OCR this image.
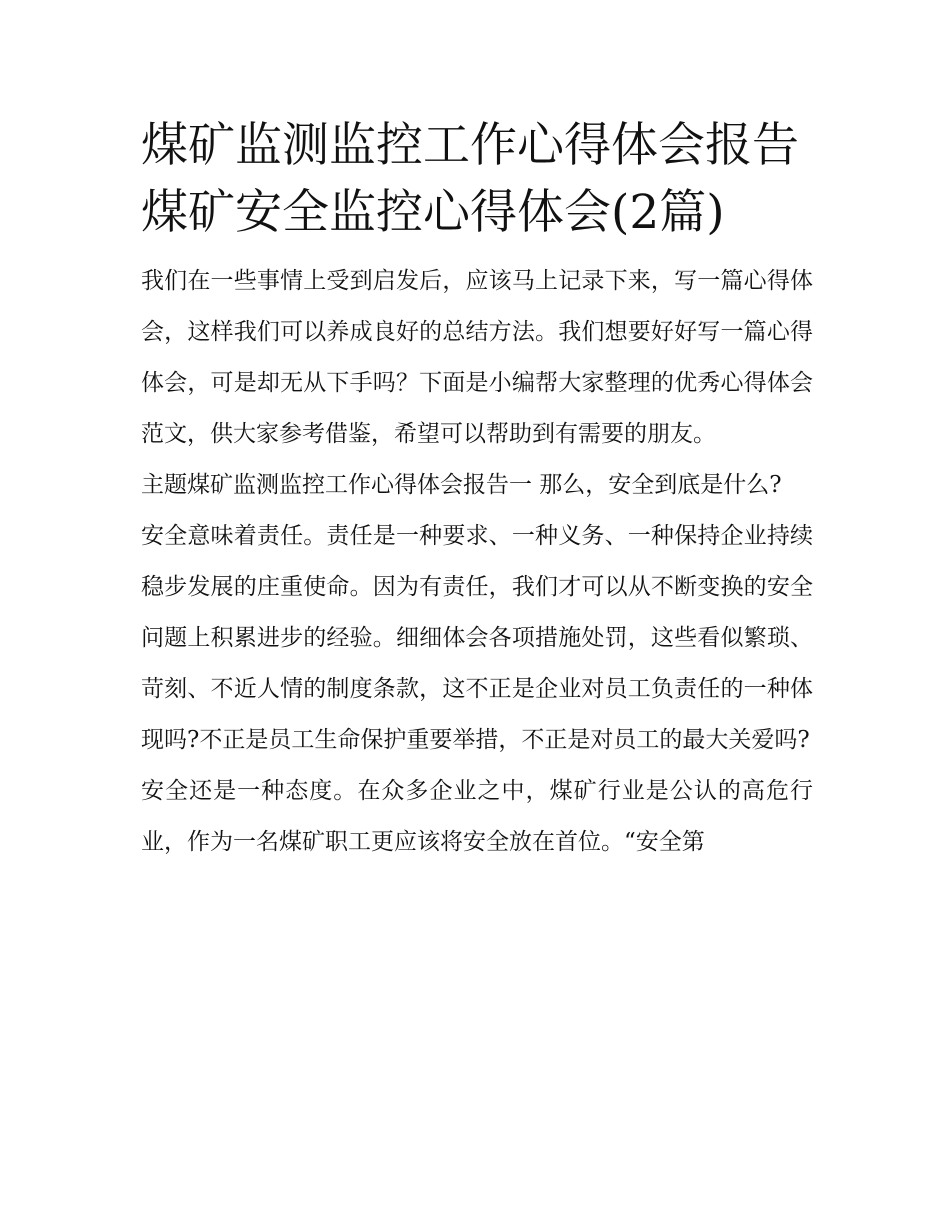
煤矿监测监控工作心得体会报告 煤矿安全监控心得体会(2篇)

我们在一些事情上受到启发后，应该马上记录下来，写一篇心得体会，这样我们可以养成良好的总结方法。我们想要好好写一篇心得体会，可是却无从下手吗？下面是小编帮大家整理的优秀心得体会范文，供大家参考借鉴，希望可以帮助到有需要的朋友。

主题煤矿监测监控工作心得体会报告一 那么，安全到底是什么?

安全意味着责任。责任是一种要求、一种义务、一种保持企业持续稳步发展的庄重使命。因为有责任，我们才可以从不断变换的安全问题上积累进步的经验。细细体会各项措施处罚，这些看似繁琐、苛刻、不近人情的制度条款，这不正是企业对员工负责任的一种体现吗?不正是员工生命保护重要举措，不正是对员工的最大关爱吗?

安全还是一种态度。在众多企业之中，煤矿行业是公认的高危行业，作为一名煤矿职工更应该将安全放在首位。“安全第
